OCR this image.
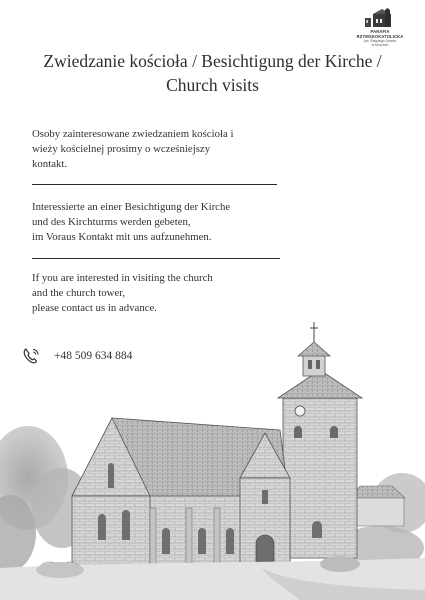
PARAFIA RZYMSKOKATOLICKA
pw. Świętego Józefa
w Mrozach
Zwiedzanie kościoła / Besichtigung der Kirche /
Church visits
Osoby zainteresowane zwiedzaniem kościoła i
wieży kościelnej prosimy o wcześniejszy
kontakt.
Interessierte an einer Besichtigung der Kirche
und des Kirchturms werden gebeten,
im Voraus Kontakt mit uns aufzunehmen.
If you are interested in visiting the church
and the church tower,
please contact us in advance.
+48 509 634 884
